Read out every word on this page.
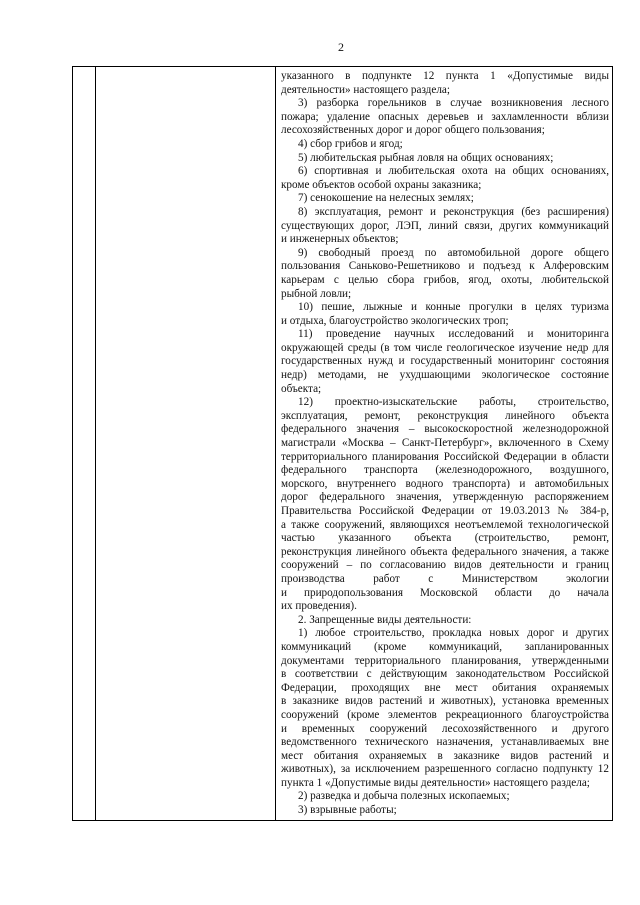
2
указанного в подпункте 12 пункта 1 «Допустимые виды
деятельности» настоящего раздела;
3) разборка горельников в случае возникновения лесного
пожара; удаление опасных деревьев и захламленности вблизи
лесохозяйственных дорог и дорог общего пользования;
4) сбор грибов и ягод;
5) любительская рыбная ловля на общих основаниях;
6) спортивная и любительская охота на общих основаниях,
кроме объектов особой охраны заказника;
7) сенокошение на нелесных землях;
8) эксплуатация, ремонт и реконструкция (без расширения)
существующих дорог, ЛЭП, линий связи, других коммуникаций
и инженерных объектов;
9) свободный проезд по автомобильной дороге общего
пользования Саньково-Решетниково и подъезд к Алферовским
карьерам с целью сбора грибов, ягод, охоты, любительской
рыбной ловли;
10) пешие, лыжные и конные прогулки в целях туризма
и отдыха, благоустройство экологических троп;
11) проведение научных исследований и мониторинга
окружающей среды (в том числе геологическое изучение недр для
государственных нужд и государственный мониторинг состояния
недр) методами, не ухудшающими экологическое состояние
объекта;
12) проектно-изыскательские работы, строительство,
эксплуатация, ремонт, реконструкция линейного объекта
федерального значения – высокоскоростной железнодорожной
магистрали «Москва – Санкт-Петербург», включенного в Схему
территориального планирования Российской Федерации в области
федерального транспорта (железнодорожного, воздушного,
морского, внутреннего водного транспорта) и автомобильных
дорог федерального значения, утвержденную распоряжением
Правительства Российской Федерации от 19.03.2013 № 384-р,
а также сооружений, являющихся неотъемлемой технологической
частью указанного объекта (строительство, ремонт,
реконструкция линейного объекта федерального значения, а также
сооружений – по согласованию видов деятельности и границ
производства работ с Министерством экологии
и природопользования Московской области до начала
их проведения).
2. Запрещенные виды деятельности:
1) любое строительство, прокладка новых дорог и других
коммуникаций (кроме коммуникаций, запланированных
документами территориального планирования, утвержденными
в соответствии с действующим законодательством Российской
Федерации, проходящих вне мест обитания охраняемых
в заказнике видов растений и животных), установка временных
сооружений (кроме элементов рекреационного благоустройства
и временных сооружений лесохозяйственного и другого
ведомственного технического назначения, устанавливаемых вне
мест обитания охраняемых в заказнике видов растений и
животных), за исключением разрешенного согласно подпункту 12
пункта 1 «Допустимые виды деятельности» настоящего раздела;
2) разведка и добыча полезных ископаемых;
3) взрывные работы;
